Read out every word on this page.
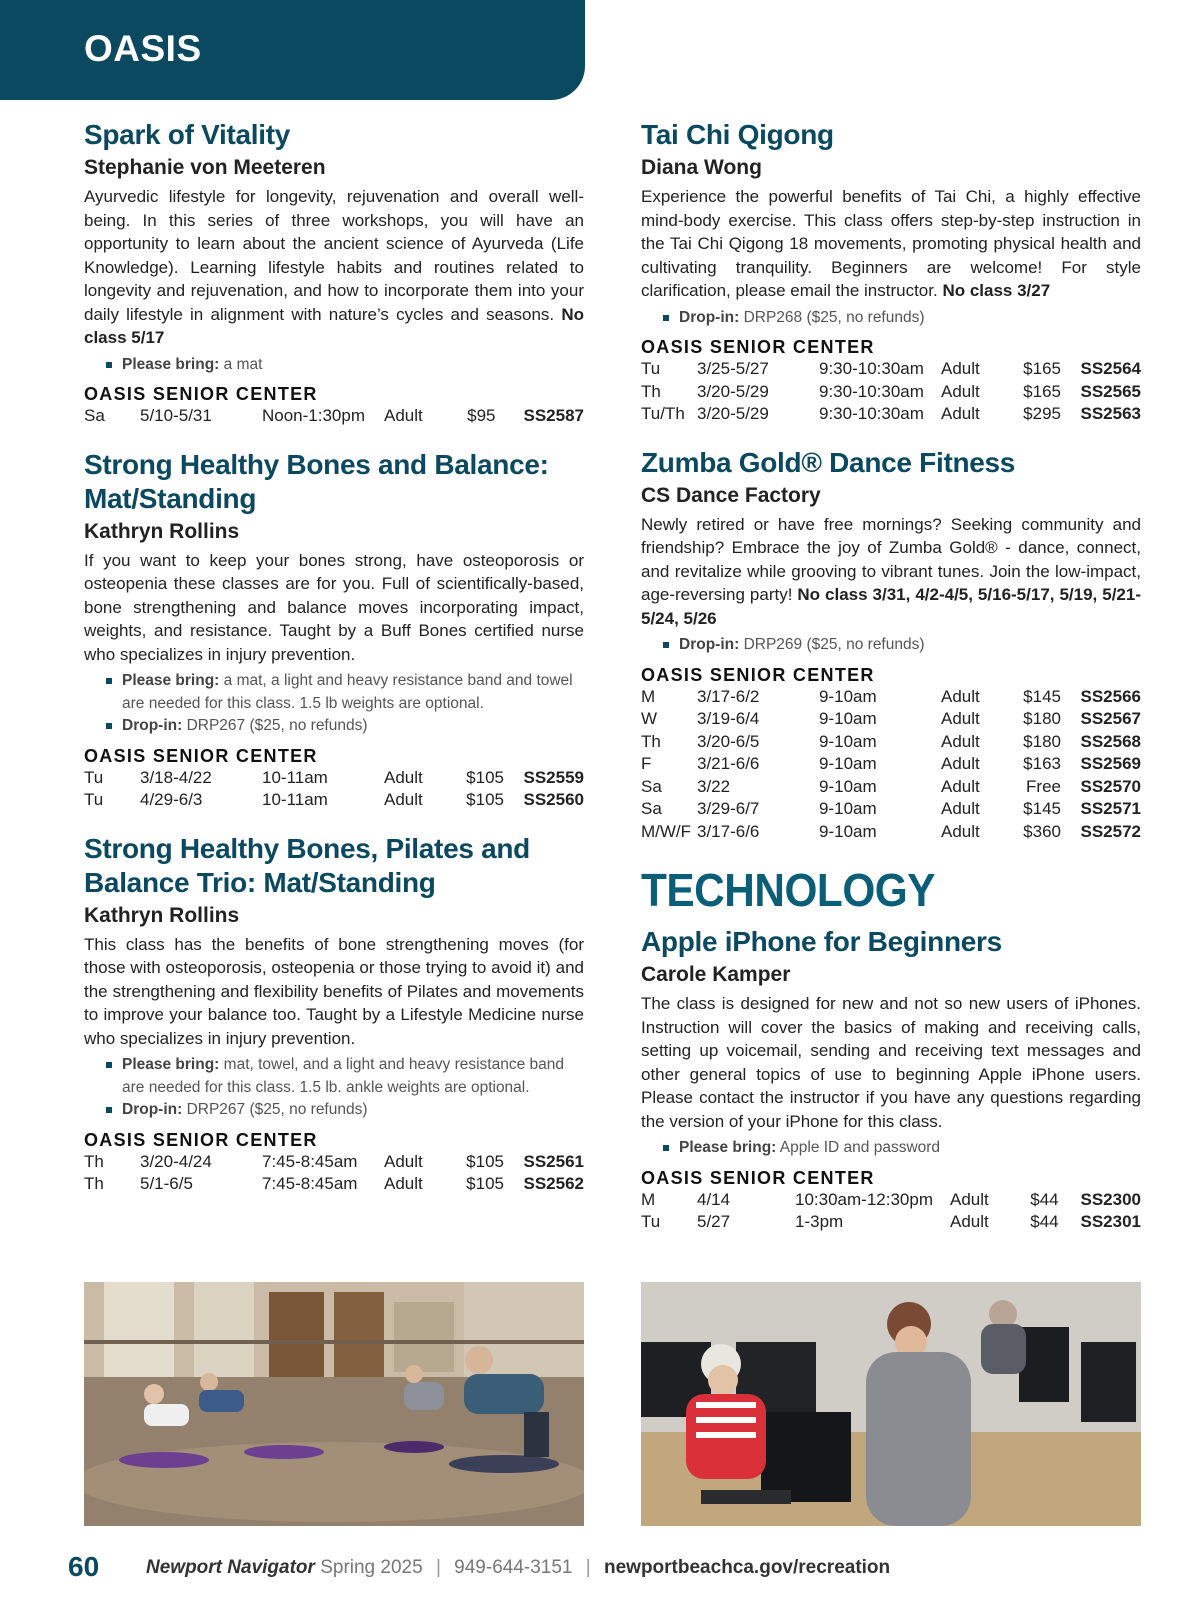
OASIS
Spark of Vitality
Stephanie von Meeteren

Ayurvedic lifestyle for longevity, rejuvenation and overall well-being. In this series of three workshops, you will have an opportunity to learn about the ancient science of Ayurveda (Life Knowledge). Learning lifestyle habits and routines related to longevity and rejuvenation, and how to incorporate them into your daily lifestyle in alignment with nature’s cycles and seasons. No class 5/17

Please bring: a mat
OASIS SENIOR CENTER
Sa	5/10-5/31	Noon-1:30pm	Adult	$95	SS2587
Strong Healthy Bones and Balance: Mat/Standing
Kathryn Rollins

If you want to keep your bones strong, have osteoporosis or osteopenia these classes are for you. Full of scientifically-based, bone strengthening and balance moves incorporating impact, weights, and resistance. Taught by a Buff Bones certified nurse who specializes in injury prevention.

Please bring: a mat, a light and heavy resistance band and towel are needed for this class. 1.5 lb weights are optional.
Drop-in: DRP267 ($25, no refunds)
OASIS SENIOR CENTER
Tu	3/18-4/22	10-11am	Adult	$105	SS2559
Tu	4/29-6/3	10-11am	Adult	$105	SS2560
Strong Healthy Bones, Pilates and Balance Trio: Mat/Standing
Kathryn Rollins

This class has the benefits of bone strengthening moves (for those with osteoporosis, osteopenia or those trying to avoid it) and the strengthening and flexibility benefits of Pilates and movements to improve your balance too. Taught by a Lifestyle Medicine nurse who specializes in injury prevention.

Please bring: mat, towel, and a light and heavy resistance band are needed for this class. 1.5 lb. ankle weights are optional.
Drop-in: DRP267 ($25, no refunds)
OASIS SENIOR CENTER
Th	3/20-4/24	7:45-8:45am	Adult	$105	SS2561
Th	5/1-6/5	7:45-8:45am	Adult	$105	SS2562
Tai Chi Qigong
Diana Wong

Experience the powerful benefits of Tai Chi, a highly effective mind-body exercise. This class offers step-by-step instruction in the Tai Chi Qigong 18 movements, promoting physical health and cultivating tranquility. Beginners are welcome! For style clarification, please email the instructor. No class 3/27

Drop-in: DRP268 ($25, no refunds)
OASIS SENIOR CENTER
Tu	3/25-5/27	9:30-10:30am	Adult	$165	SS2564
Th	3/20-5/29	9:30-10:30am	Adult	$165	SS2565
Tu/Th	3/20-5/29	9:30-10:30am	Adult	$295	SS2563
Zumba Gold® Dance Fitness
CS Dance Factory

Newly retired or have free mornings? Seeking community and friendship? Embrace the joy of Zumba Gold® - dance, connect, and revitalize while grooving to vibrant tunes. Join the low-impact, age-reversing party! No class 3/31, 4/2-4/5, 5/16-5/17, 5/19, 5/21- 5/24, 5/26

Drop-in: DRP269 ($25, no refunds)
OASIS SENIOR CENTER
M	3/17-6/2	9-10am	Adult	$145	SS2566
W	3/19-6/4	9-10am	Adult	$180	SS2567
Th	3/20-6/5	9-10am	Adult	$180	SS2568
F	3/21-6/6	9-10am	Adult	$163	SS2569
Sa	3/22	9-10am	Adult	Free	SS2570
Sa	3/29-6/7	9-10am	Adult	$145	SS2571
M/W/F	3/17-6/6	9-10am	Adult	$360	SS2572
TECHNOLOGY
Apple iPhone for Beginners
Carole Kamper

The class is designed for new and not so new users of iPhones. Instruction will cover the basics of making and receiving calls, setting up voicemail, sending and receiving text messages and other general topics of use to beginning Apple iPhone users. Please contact the instructor if you have any questions regarding the version of your iPhone for this class.

Please bring: Apple ID and password
OASIS SENIOR CENTER
M	4/14	10:30am-12:30pm	Adult	$44	SS2300
Tu	5/27	1-3pm	Adult	$44	SS2301
60 Newport Navigator Spring 2025 | 949-644-3151 | newportbeachca.gov/recreation
